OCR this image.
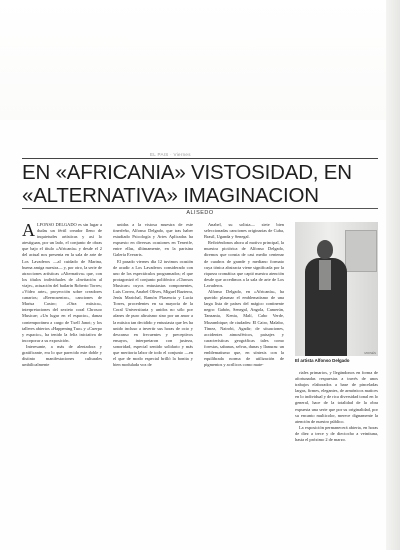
EL PAIS · Viernes
EN «AFRICANIA» VISTOSIDAD, EN
«ALTERNATIVA» IMAGINACION
ALISEDO

ALFONSO DELGADO es sin lugar a dudas un fértil creador lleno de inquietudes artísticas y así lo atestiguan, por un lado, el conjunto de obras que bajo el título «Africanía» y desde el 2 del actual nos presenta en la sala de arte de Los Lavaderos —al cuidado de Marina, buena amiga nuestra— y, por otro, la serie de atracciones artísticas «Alternativa» que, con los títulos individuales de «Invitación al viaje», actuación del bailarín Roberto Torres; «Vídeo arte», proyección sobre creadores canarios; «Reencuentro», canciones de Marisa Castro; «Otra música», interpretaciones del sexteto coral Chrosoo Musicae; «Un lugar en el espacio», danza contemporánea a cargo de Txell Janot; y los talleres abiertos «Happening Tuo» y «Cuerpo y espacio», ha tenido la feliz iniciativa de incorporar a su exposición.

Interesante, a más de alentadora y gratificante, era lo que parecido este doble y distinto manifestaciones culturales umbilicalmente

unidas a la vistosa muestra de este tinerfeño, Alfonso Delgado, que tras haber estudiado Psicología y Artes Aplicadas ha expuesto en diversas ocasiones en Tenerife, entre ellas, últimamente, en la parisina Galería Everarts.

El pasado viernes día 12 tuvimos ocasión de acudir a Los Lavaderos considerado con uno de los espectáculos programados; el que protagonizó el conjunto polifónico «Chrosos Musicae» cuyos entusiastas componentes, Luis Correa, Anabel Olives, Miguel Bazterra, Jesús Marichal, Ramón Plasencia y Lucía Torres, procedentes en su mayoría de la Coral Universitaria y unidos no sólo por afanes de puro altruismo sino por un amor a la música tan decidido y entusiasta que les ha unido incluso a invertir sus horas de ocio y descanso en frecuentes y preceptivos ensayos, interpretaron con justeza, sonoridad, especial sentido solidario y más que meritoria labor de todo el conjunto —en el que de modo especial brilló la bonita y bien modulada voz de

Anabel, su solista— siete bien seleccionadas canciones originarias de Cuba, Brasil, Uganda y Senegal.

Refiriéndonos ahora al motivo principal, la muestra pictórica de Alfonso Delgado, diremos que consta de casi medio centenar de cuadros de grande y mediano formato cuya tónica abstracta viene significada por la riqueza cromática que captó nuestra atención desde que accedimos a la sala de arte de Los Lavaderos.

Alfonso Delgado, en «Africanía», ha querido plasmar el emblematismo de una larga lista de países del mágico continente negro: Gabón, Senegal, Angola, Camerún, Tanzania, Kenia, Malí, Cabo Verde, Mozambique; de ciudades: El Cairo, Malabo, Tímez, Nairobi, Agadir; de situaciones, accidentes atmosféricos, paisajes y características geográficas tales como forestas, sabanas, selvas, dunas y llanuras: un emblematismo que, en síntesis con la equilibrada norma de utilización de pigmentos y acrílicos como mate-

MOISÉS
El artista Alfonso Delgado

riales primarios, y llegándonos en forma de afortunadas respuestas a través de unos trabajos elaborados a base de pinceladas largas, firmes, elegantes, de armónicos matices en lo individual y de rica diversidad tonal en lo general, hace de la totalidad de la obra expuesta una serie que por su originalidad, por su encanto multicolor, merece dignamente la atención de nuestro público.

La exposición permanecerá abierta, en horas de diez a trece y de dieciocho a veintiuna, hasta el próximo 2 de marzo.
